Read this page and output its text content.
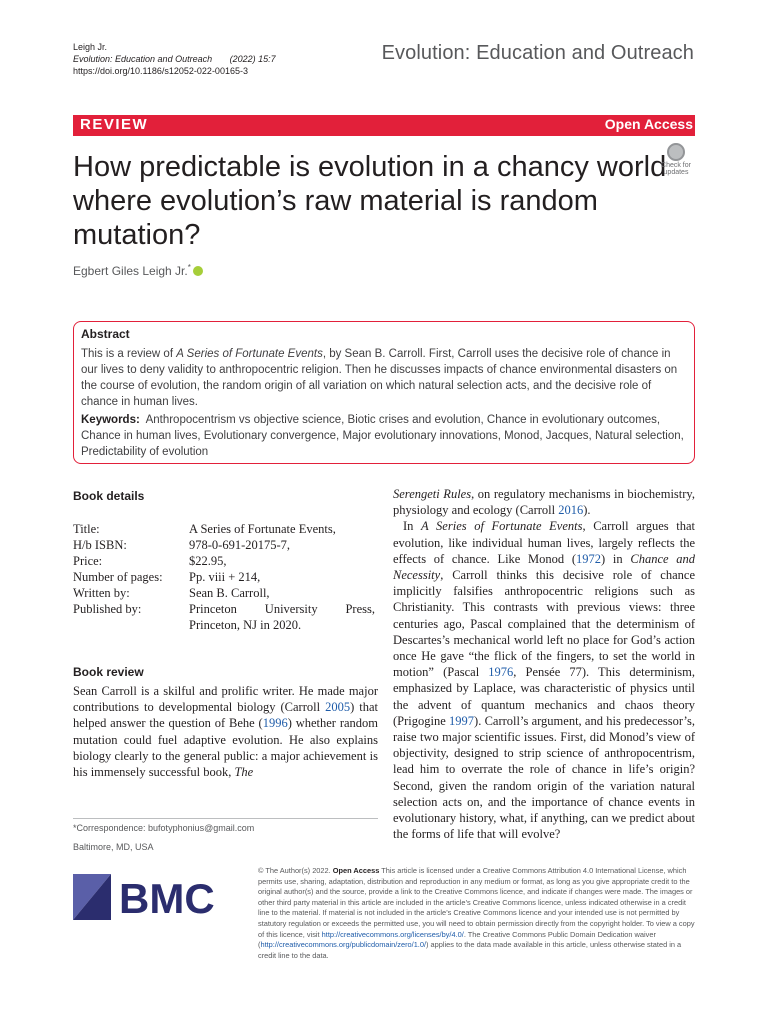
Leigh Jr.
Evolution: Education and Outreach (2022) 15:7
https://doi.org/10.1186/s12052-022-00165-3
Evolution: Education and Outreach
REVIEW	Open Access
How predictable is evolution in a chancy world where evolution’s raw material is random mutation?
Check for updates
Egbert Giles Leigh Jr.*
Abstract
This is a review of A Series of Fortunate Events, by Sean B. Carroll. First, Carroll uses the decisive role of chance in our lives to deny validity to anthropocentric religion. Then he discusses impacts of chance environmental disasters on the course of evolution, the random origin of all variation on which natural selection acts, and the decisive role of chance in human lives.
Keywords: Anthropocentrism vs objective science, Biotic crises and evolution, Chance in evolutionary outcomes, Chance in human lives, Evolutionary convergence, Major evolutionary innovations, Monod, Jacques, Natural selection, Predictability of evolution
Book details
Title:	A Series of Fortunate Events,
H/b ISBN:	978-0-691-20175-7,
Price:	$22.95,
Number of pages: Pp. viii + 214,
Written by:	Sean B. Carroll,
Published by:	Princeton University Press, Princeton, NJ in 2020.
Book review
Sean Carroll is a skilful and prolific writer. He made major contributions to developmental biology (Carroll 2005) that helped answer the question of Behe (1996) whether random mutation could fuel adaptive evolution. He also explains biology clearly to the general public: a major achievement is his immensely successful book, The

Serengeti Rules, on regulatory mechanisms in biochemistry, physiology and ecology (Carroll 2016).

In A Series of Fortunate Events, Carroll argues that evolution, like individual human lives, largely reflects the effects of chance. Like Monod (1972) in Chance and Necessity, Carroll thinks this decisive role of chance implicitly falsifies anthropocentric religions such as Christianity. This contrasts with previous views: three centuries ago, Pascal complained that the determinism of Descartes’s mechanical world left no place for God’s action once He gave “the flick of the fingers, to set the world in motion” (Pascal 1976, Pensée 77). This determinism, emphasized by Laplace, was characteristic of physics until the advent of quantum mechanics and chaos theory (Prigogine 1997). Carroll’s argument, and his predecessor’s, raise two major scientific issues. First, did Monod’s view of objectivity, designed to strip science of anthropocentrism, lead him to overrate the role of chance in life’s origin? Second, given the random origin of the variation natural selection acts on, and the importance of chance events in evolutionary history, what, if anything, can we predict about the forms of life that will evolve?

*Correspondence: bufotyphonius@gmail.com
Baltimore, MD, USA
BMC
© The Author(s) 2022. Open Access This article is licensed under a Creative Commons Attribution 4.0 International License, which permits use, sharing, adaptation, distribution and reproduction in any medium or format, as long as you give appropriate credit to the original author(s) and the source, provide a link to the Creative Commons licence, and indicate if changes were made. The images or other third party material in this article are included in the article’s Creative Commons licence, unless indicated otherwise in a credit line to the material. If material is not included in the article’s Creative Commons licence and your intended use is not permitted by statutory regulation or exceeds the permitted use, you will need to obtain permission directly from the copyright holder. To view a copy of this licence, visit http://creativecommons.org/licenses/by/4.0/. The Creative Commons Public Domain Dedication waiver (http://creativecommons.org/publicdomain/zero/1.0/) applies to the data made available in this article, unless otherwise stated in a credit line to the data.
